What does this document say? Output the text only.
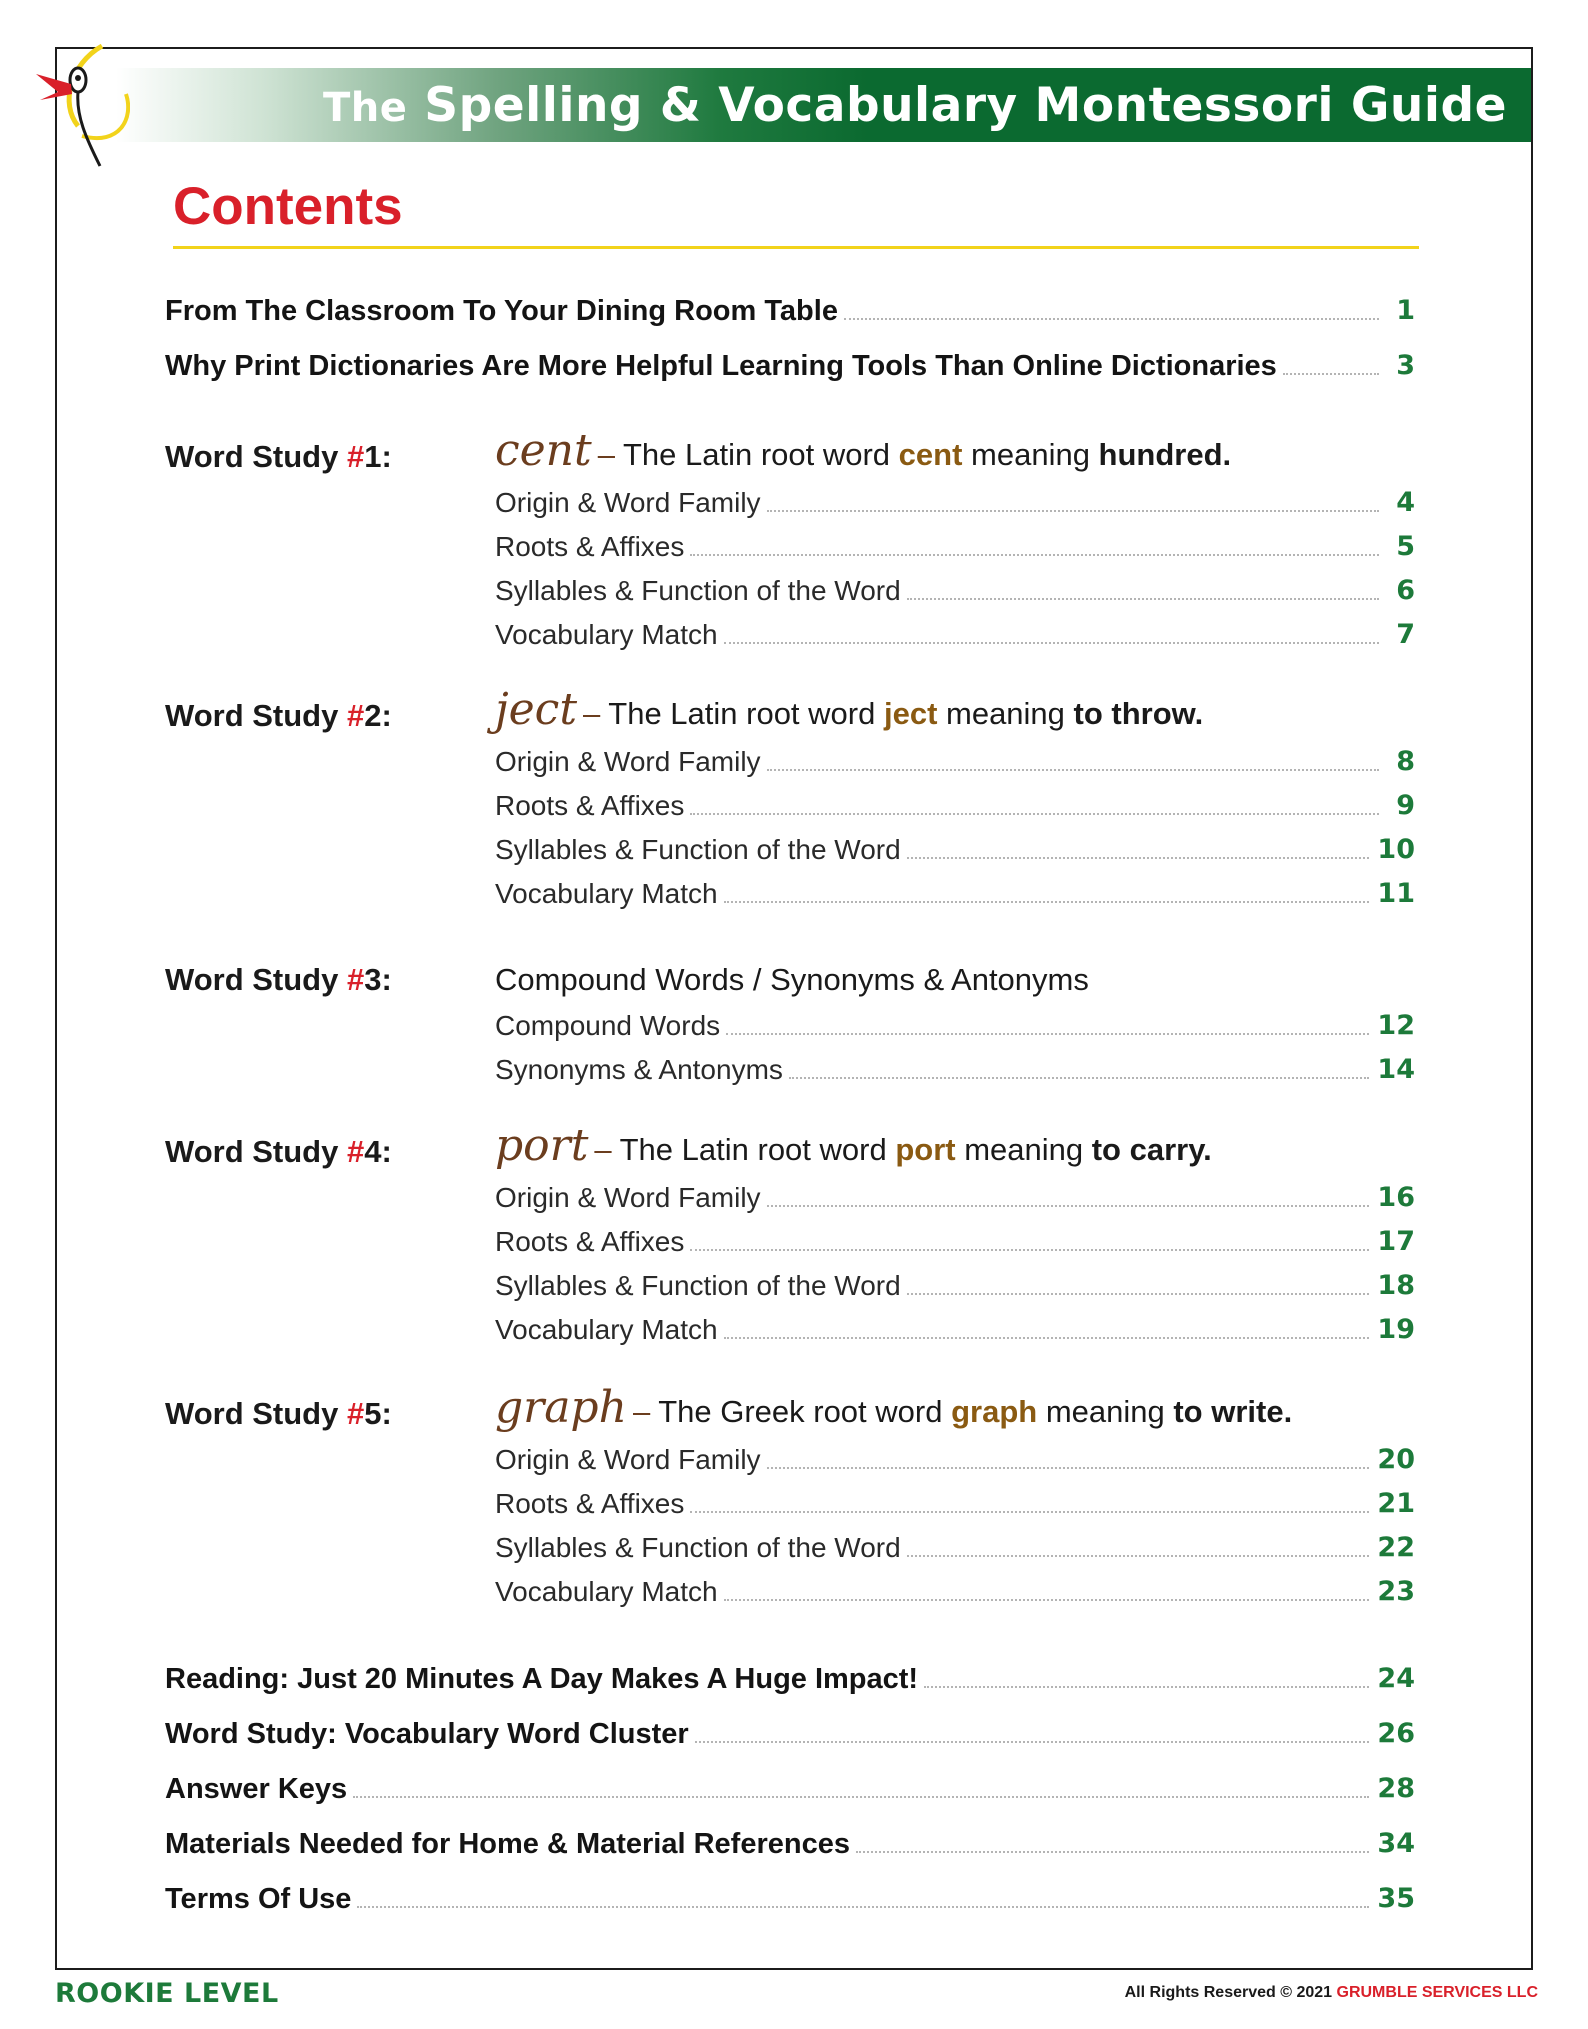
The Spelling & Vocabulary Montessori Guide
Contents
From The Classroom To Your Dining Room Table	1
Why Print Dictionaries Are More Helpful Learning Tools Than Online Dictionaries	3
Word Study #1: cent – The Latin root word cent meaning hundred.
Origin & Word Family	4
Roots & Affixes	5
Syllables & Function of the Word	6
Vocabulary Match	7
Word Study #2: ject – The Latin root word ject meaning to throw.
Origin & Word Family	8
Roots & Affixes	9
Syllables & Function of the Word	10
Vocabulary Match	11
Word Study #3:	Compound Words / Synonyms & Antonyms
Compound Words	12
Synonyms & Antonyms	14
Word Study #4: port – The Latin root word port meaning to carry.
Origin & Word Family	16
Roots & Affixes	17
Syllables & Function of the Word	18
Vocabulary Match	19
Word Study #5: graph – The Greek root word graph meaning to write.
Origin & Word Family	20
Roots & Affixes	21
Syllables & Function of the Word	22
Vocabulary Match	23
Reading: Just 20 Minutes A Day Makes A Huge Impact!	24
Word Study: Vocabulary Word Cluster	26
Answer Keys	28
Materials Needed for Home & Material References	34
Terms Of Use	35
ROOKIE LEVEL	All Rights Reserved © 2021 GRUMBLE SERVICES LLC
